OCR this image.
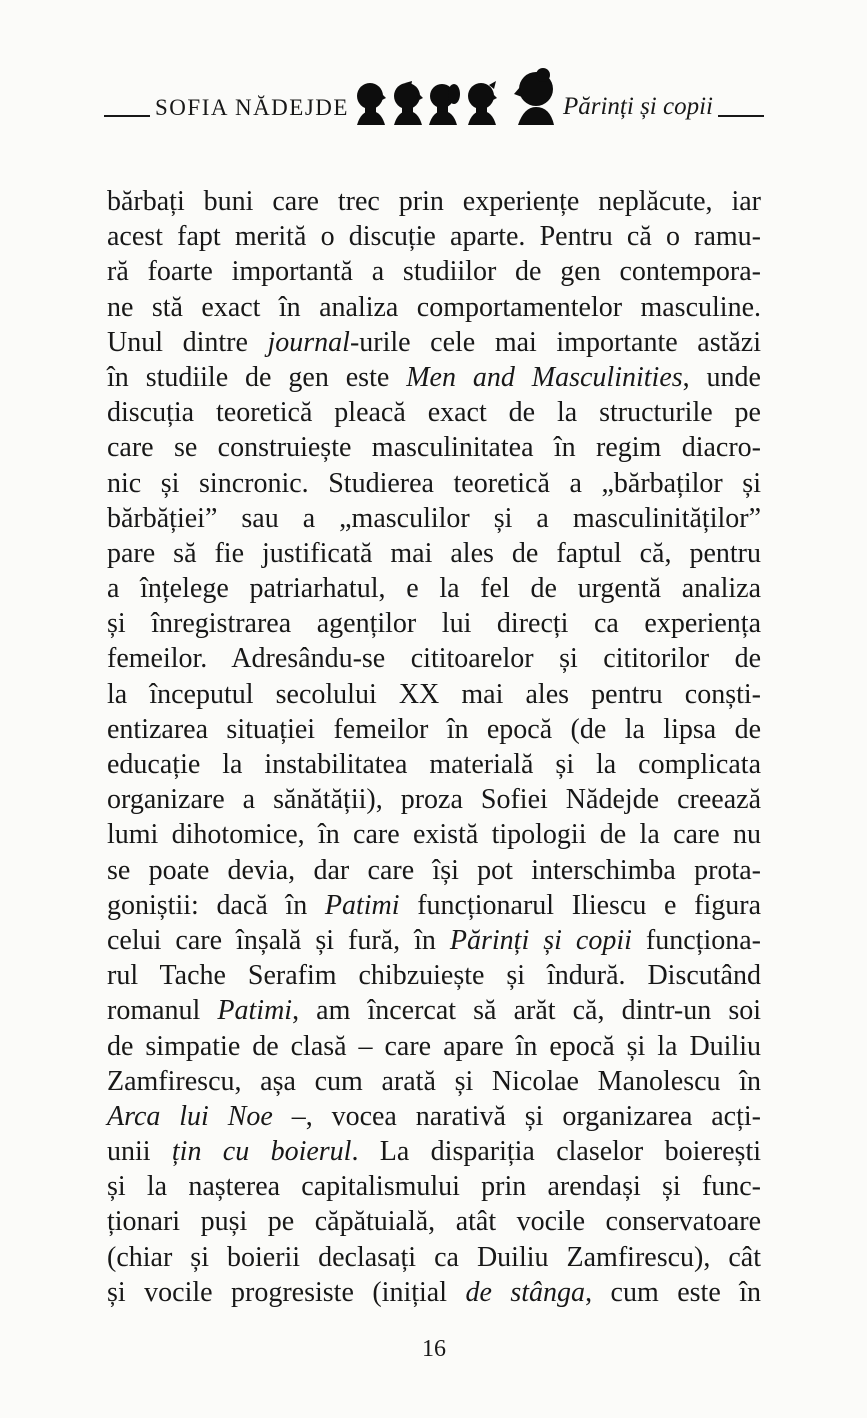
SOFIA NĂDEJDE	Părinți și copii
bărbați buni care trec prin experiențe neplăcute, iar
acest fapt merită o discuție aparte. Pentru că o ramu-
ră foarte importantă a studiilor de gen contempora-
ne stă exact în analiza comportamentelor masculine.
Unul dintre journal-urile cele mai importante astăzi
în studiile de gen este Men and Masculinities, unde
discuția teoretică pleacă exact de la structurile pe
care se construiește masculinitatea în regim diacro-
nic și sincronic. Studierea teoretică a „bărbaților și
bărbăției” sau a „masculilor și a masculinităților”
pare să fie justificată mai ales de faptul că, pentru
a înțelege patriarhatul, e la fel de urgentă analiza
și înregistrarea agenților lui direcți ca experiența
femeilor. Adresându-se cititoarelor și cititorilor de
la începutul secolului XX mai ales pentru conști-
entizarea situației femeilor în epocă (de la lipsa de
educație la instabilitatea materială și la complicata
organizare a sănătății), proza Sofiei Nădejde creează
lumi dihotomice, în care există tipologii de la care nu
se poate devia, dar care își pot interschimba prota-
goniștii: dacă în Patimi funcționarul Iliescu e figura
celui care înșală și fură, în Părinți și copii funcționa-
rul Tache Serafim chibzuiește și îndură. Discutând
romanul Patimi, am încercat să arăt că, dintr-un soi
de simpatie de clasă – care apare în epocă și la Duiliu
Zamfirescu, așa cum arată și Nicolae Manolescu în
Arca lui Noe –, vocea narativă și organizarea acți-
unii țin cu boierul. La dispariția claselor boierești
și la nașterea capitalismului prin arendași și func-
ționari puși pe căpătuială, atât vocile conservatoare
(chiar și boierii declasați ca Duiliu Zamfirescu), cât
și vocile progresiste (inițial de stânga, cum este în
16
